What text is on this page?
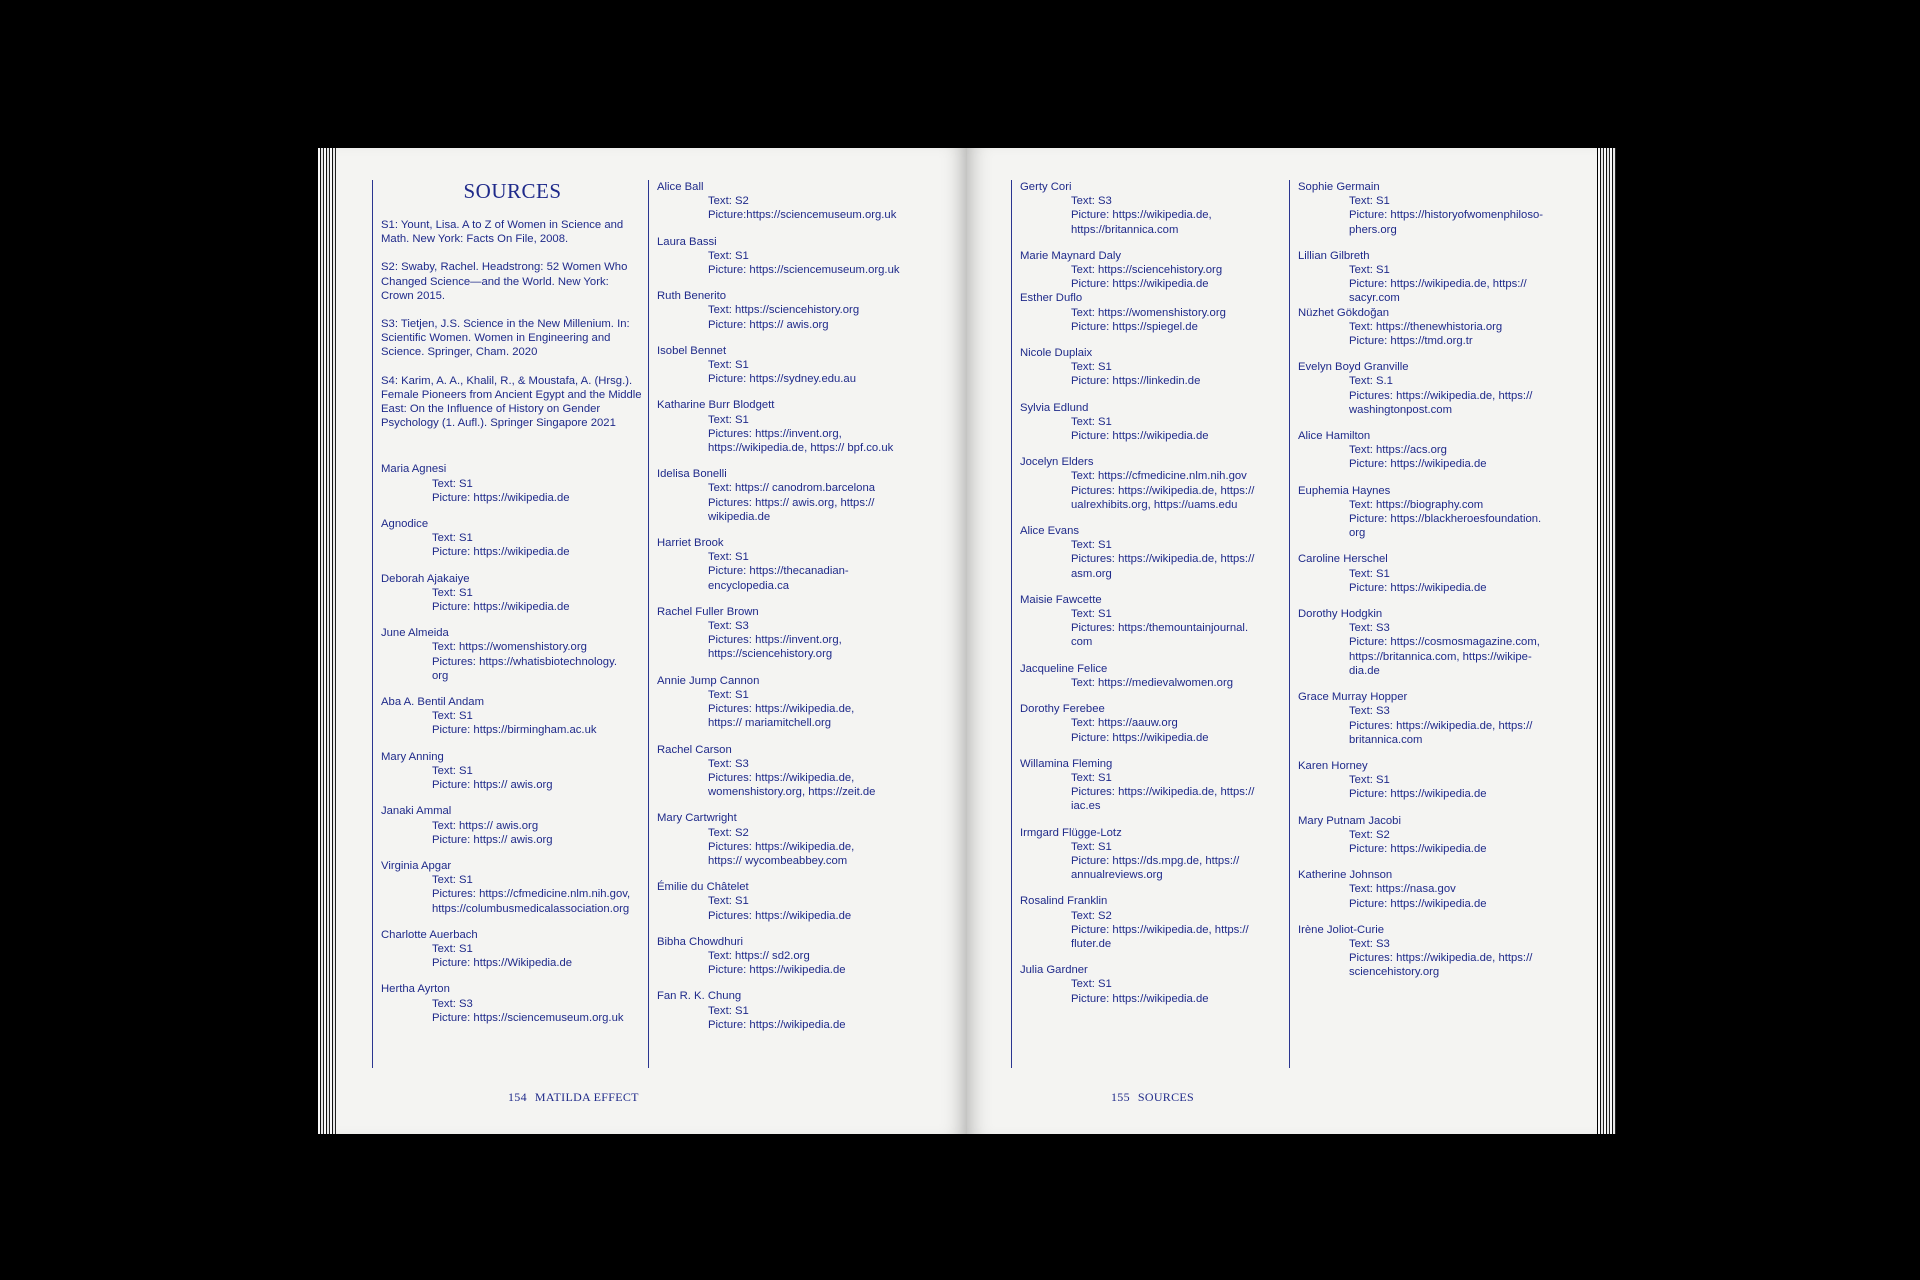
SOURCES
S1: Yount, Lisa. A to Z of Women in Science and Math. New York: Facts On File, 2008.
S2: Swaby, Rachel. Headstrong: 52 Women Who Changed Science—and the World. New York: Crown 2015.
S3: Tietjen, J.S. Science in the New Millenium. In: Scientific Women. Women in Engineering and Science. Springer, Cham. 2020
S4: Karim, A. A., Khalil, R., & Moustafa, A. (Hrsg.). Female Pioneers from Ancient Egypt and the Middle East: On the Influence of History on Gender Psychology (1. Aufl.). Springer Singapore 2021
Maria Agnesi
Text: S1
Picture: https://wikipedia.de
Agnodice
Text: S1
Picture: https://wikipedia.de
Deborah Ajakaiye
Text: S1
Picture: https://wikipedia.de
June Almeida
Text: https://womenshistory.org
Pictures: https://whatisbiotechnology.
org
Aba A. Bentil Andam
Text: S1
Picture: https://birmingham.ac.uk
Mary Anning
Text: S1
Picture: https:// awis.org
Janaki Ammal
Text: https:// awis.org
Picture: https:// awis.org
Virginia Apgar
Text: S1
Pictures: https://cfmedicine.nlm.nih.gov,
https://columbusmedicalassociation.org
Charlotte Auerbach
Text: S1
Picture: https://Wikipedia.de
Hertha Ayrton
Text: S3
Picture: https://sciencemuseum.org.uk
Alice Ball
Text: S2
Picture:https://sciencemuseum.org.uk
Laura Bassi
Text: S1
Picture: https://sciencemuseum.org.uk
Ruth Benerito
Text: https://sciencehistory.org
Picture: https:// awis.org
Isobel Bennet
Text: S1
Picture: https://sydney.edu.au
Katharine Burr Blodgett
Text: S1
Pictures: https://invent.org,
https://wikipedia.de, https:// bpf.co.uk
Idelisa Bonelli
Text: https:// canodrom.barcelona
Pictures: https:// awis.org, https://
wikipedia.de
Harriet Brook
Text: S1
Picture: https://thecanadian-
encyclopedia.ca
Rachel Fuller Brown
Text: S3
Pictures: https://invent.org,
https://sciencehistory.org
Annie Jump Cannon
Text: S1
Pictures: https://wikipedia.de,
https:// mariamitchell.org
Rachel Carson
Text: S3
Pictures: https://wikipedia.de,
womenshistory.org, https://zeit.de
Mary Cartwright
Text: S2
Pictures: https://wikipedia.de,
https:// wycombeabbey.com
Émilie du Châtelet
Text: S1
Pictures: https://wikipedia.de
Bibha Chowdhuri
Text: https:// sd2.org
Picture: https://wikipedia.de
Fan R. K. Chung
Text: S1
Picture: https://wikipedia.de
154 MATILDA EFFECT
Gerty Cori
Text: S3
Picture: https://wikipedia.de,
https://britannica.com
Marie Maynard Daly
Text: https://sciencehistory.org
Picture: https://wikipedia.de
Esther Duflo
Text: https://womenshistory.org
Picture: https://spiegel.de
Nicole Duplaix
Text: S1
Picture: https://linkedin.de
Sylvia Edlund
Text: S1
Picture: https://wikipedia.de
Jocelyn Elders
Text: https://cfmedicine.nlm.nih.gov
Pictures: https://wikipedia.de, https://
ualrexhibits.org, https://uams.edu
Alice Evans
Text: S1
Pictures: https://wikipedia.de, https://
asm.org
Maisie Fawcette
Text: S1
Pictures: https:/themountainjournal.
com
Jacqueline Felice
Text: https://medievalwomen.org
Dorothy Ferebee
Text: https://aauw.org
Picture: https://wikipedia.de
Willamina Fleming
Text: S1
Pictures: https://wikipedia.de, https://
iac.es
Irmgard Flügge-Lotz
Text: S1
Picture: https://ds.mpg.de, https://
annualreviews.org
Rosalind Franklin
Text: S2
Picture: https://wikipedia.de, https://
fluter.de
Julia Gardner
Text: S1
Picture: https://wikipedia.de
Sophie Germain
Text: S1
Picture: https://historyofwomenphiloso-
phers.org
Lillian Gilbreth
Text: S1
Picture: https://wikipedia.de, https://
sacyr.com
Nüzhet Gökdoğan
Text: https://thenewhistoria.org
Picture: https://tmd.org.tr
Evelyn Boyd Granville
Text: S.1
Pictures: https://wikipedia.de, https://
washingtonpost.com
Alice Hamilton
Text: https://acs.org
Picture: https://wikipedia.de
Euphemia Haynes
Text: https://biography.com
Picture: https://blackheroesfoundation.
org
Caroline Herschel
Text: S1
Picture: https://wikipedia.de
Dorothy Hodgkin
Text: S3
Picture: https://cosmosmagazine.com,
https://britannica.com, https://wikipe-
dia.de
Grace Murray Hopper
Text: S3
Pictures: https://wikipedia.de, https://
britannica.com
Karen Horney
Text: S1
Picture: https://wikipedia.de
Mary Putnam Jacobi
Text: S2
Picture: https://wikipedia.de
Katherine Johnson
Text: https://nasa.gov
Picture: https://wikipedia.de
Irène Joliot-Curie
Text: S3
Pictures: https://wikipedia.de, https://
sciencehistory.org
155 SOURCES
